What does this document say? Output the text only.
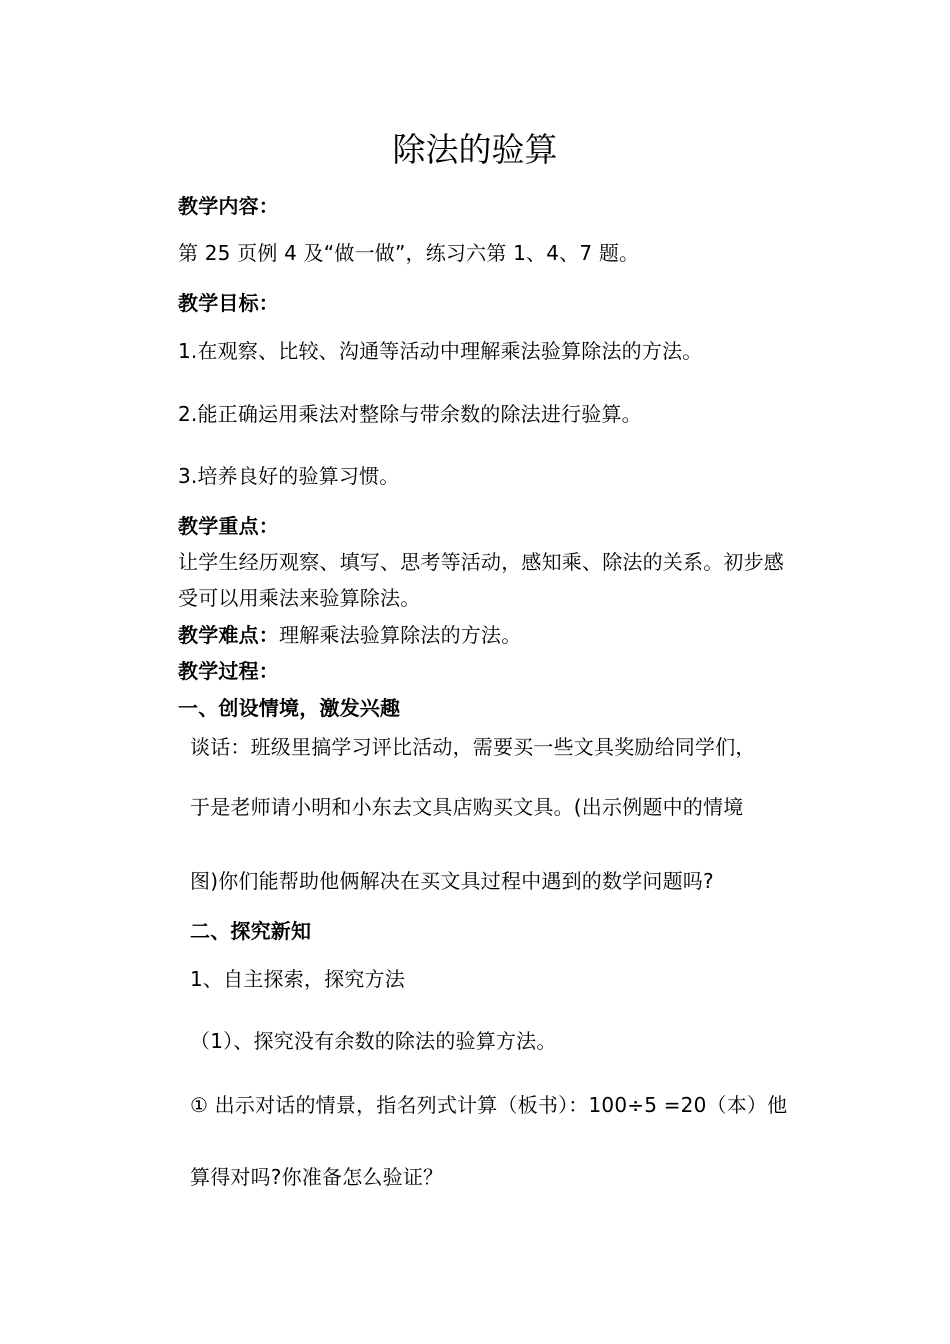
除法的验算
教学内容：
第 25 页例 4 及“做一做”，练习六第 1、4、7 题。
教学目标：
1.在观察、比较、沟通等活动中理解乘法验算除法的方法。
2.能正确运用乘法对整除与带余数的除法进行验算。
3.培养良好的验算习惯。
教学重点：
让学生经历观察、填写、思考等活动，感知乘、除法的关系。初步感
受可以用乘法来验算除法。
教学难点：理解乘法验算除法的方法。
教学过程：
一、创设情境，激发兴趣
谈话：班级里搞学习评比活动，需要买一些文具奖励给同学们，
于是老师请小明和小东去文具店购买文具。(出示例题中的情境
图)你们能帮助他俩解决在买文具过程中遇到的数学问题吗?
二、探究新知
1、自主探索，探究方法
（1）、探究没有余数的除法的验算方法。
① 出示对话的情景，指名列式计算（板书）：100÷5 =20（本）他
算得对吗?你准备怎么验证？
